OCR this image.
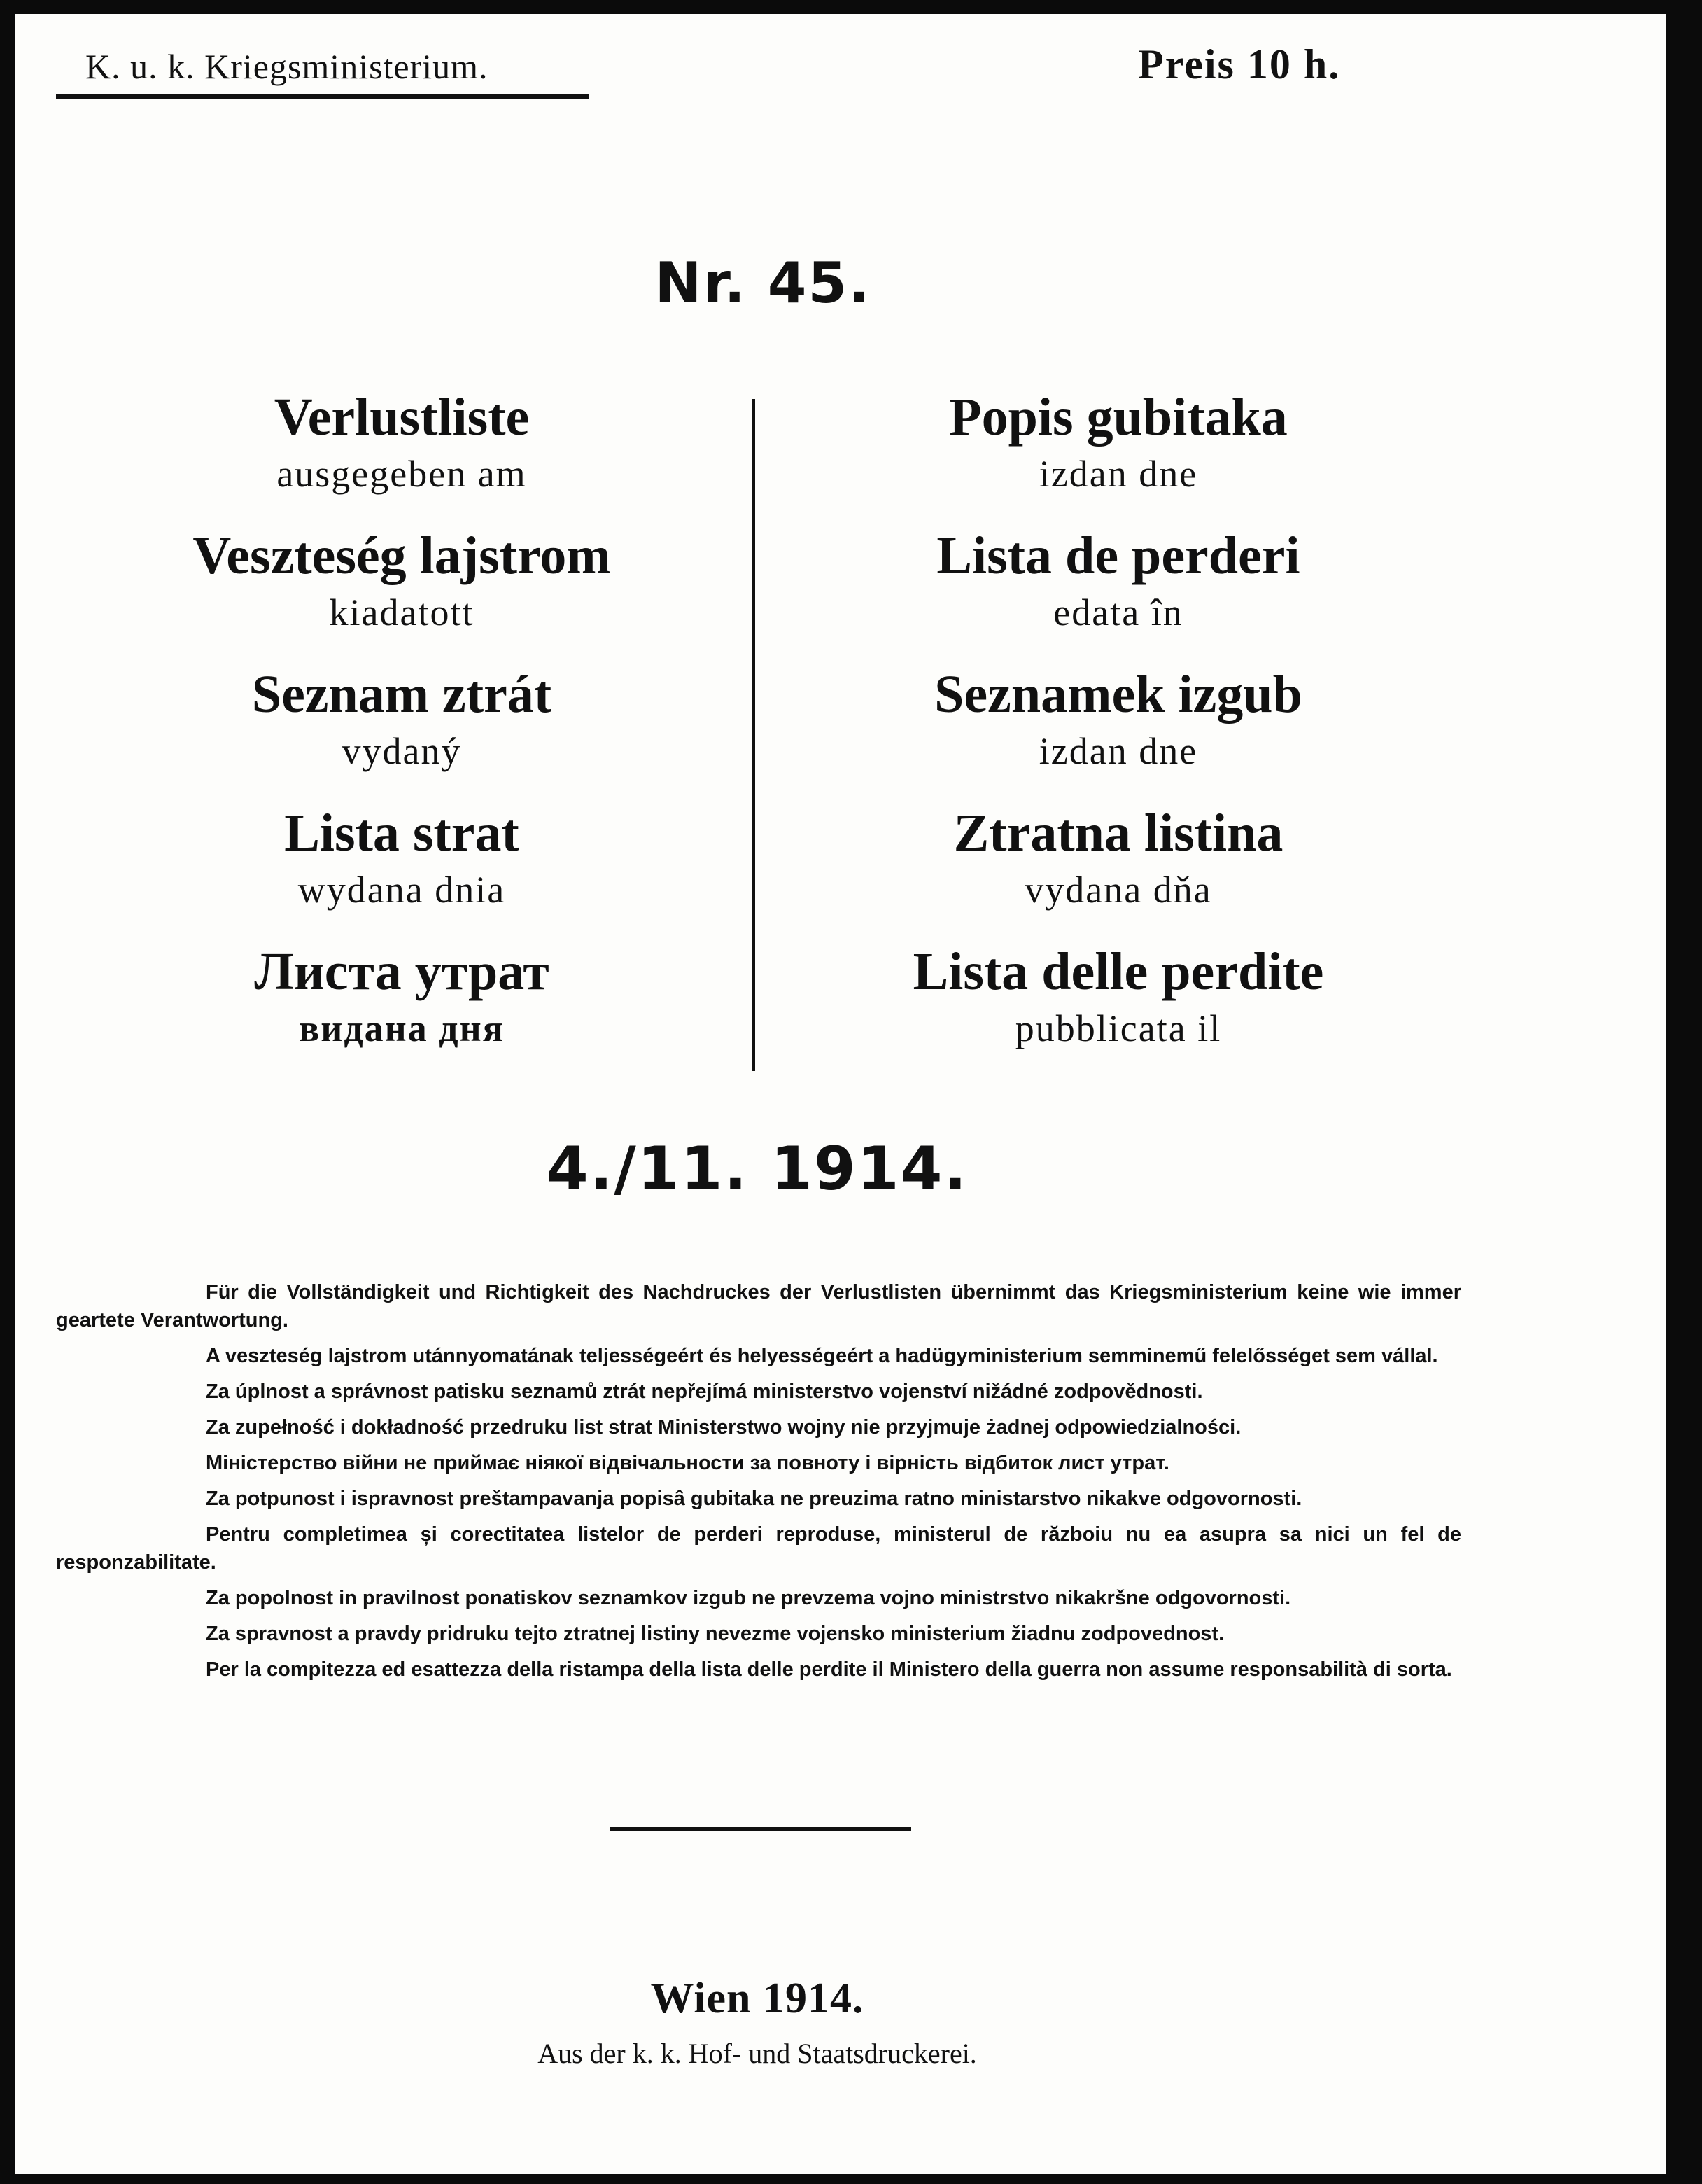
K. u. k. Kriegsministerium.	Preis 10 h.
Nr. 45.
Verlustliste
ausgegeben am
Veszteség lajstrom
kiadatott
Seznam ztrát
vydaný
Lista strat
wydana dnia
Листа утрат
видана дня
Popis gubitaka
izdan dne
Lista de perderi
edata în
Seznamek izgub
izdan dne
Ztratna listina
vydana dňa
Lista delle perdite
pubblicata il
4./11. 1914.

Für die Vollständigkeit und Richtigkeit des Nachdruckes der Verlustlisten übernimmt das Kriegsministerium keine wie immer geartete Verantwortung.

A veszteség lajstrom utánnyomatának teljességeért és helyességeért a hadügyministerium semminemű felelősséget sem vállal.

Za úplnost a správnost patisku seznamů ztrát nepřejímá ministerstvo vojenství nižádné zodpovědnosti.

Za zupełność i dokładność przedruku list strat Ministerstwo wojny nie przyjmuje żadnej odpowiedzialności.

Міністерство війни не приймає ніякої відвічальности за повноту і вірність відбиток лист утрат.

Za potpunost i ispravnost preštampavanja popisâ gubitaka ne preuzima ratno ministarstvo nikakve odgovornosti.

Pentru completimea și corectitatea listelor de perderi reproduse, ministerul de războiu nu ea asupra sa nici un fel de responzabilitate.

Za popolnost in pravilnost ponatiskov seznamkov izgub ne prevzema vojno ministrstvo nikakršne odgovornosti.

Za spravnost a pravdy pridruku tejto ztratnej listiny nevezme vojensko ministerium žiadnu zodpovednost.

Per la compitezza ed esattezza della ristampa della lista delle perdite il Ministero della guerra non assume responsabilità di sorta.

Wien 1914.
Aus der k. k. Hof- und Staatsdruckerei.
